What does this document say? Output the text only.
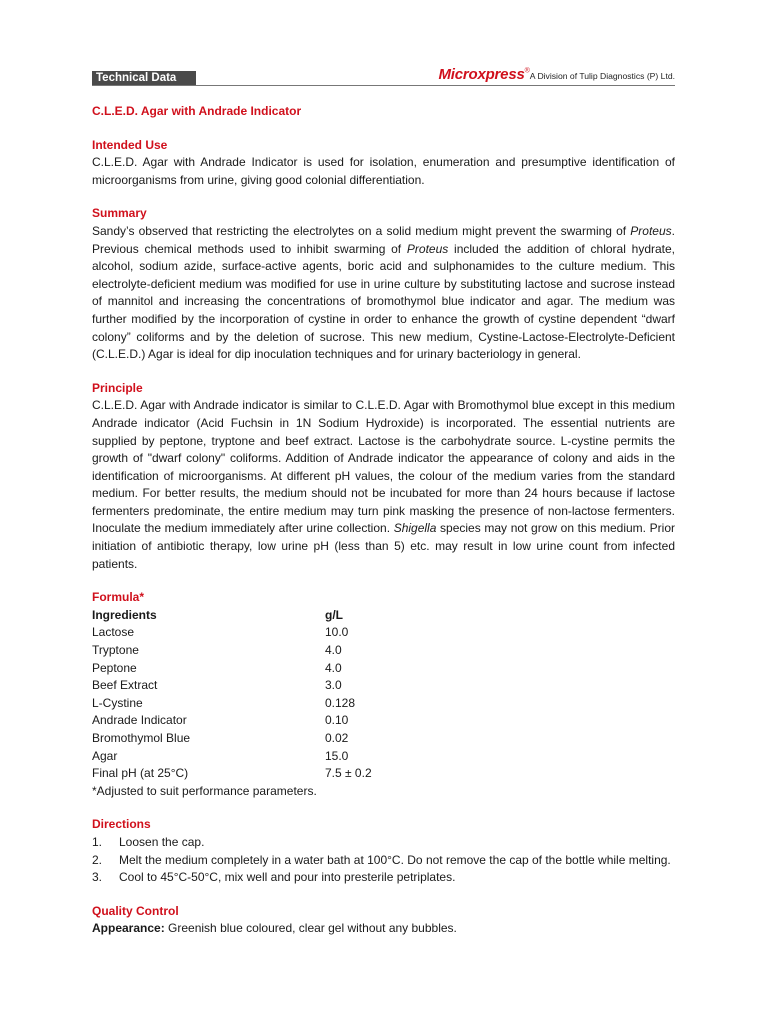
Technical Data	Microxpress®A Division of Tulip Diagnostics (P) Ltd.

C.L.E.D. Agar with Andrade Indicator

Intended Use

C.L.E.D. Agar with Andrade Indicator is used for isolation, enumeration and presumptive identification of microorganisms from urine, giving good colonial differentiation.

Summary

Sandy’s observed that restricting the electrolytes on a solid medium might prevent the swarming of Proteus. Previous chemical methods used to inhibit swarming of Proteus included the addition of chloral hydrate, alcohol, sodium azide, surface-active agents, boric acid and sulphonamides to the culture medium. This electrolyte-deficient medium was modified for use in urine culture by substituting lactose and sucrose instead of mannitol and increasing the concentrations of bromothymol blue indicator and agar. The medium was further modified by the incorporation of cystine in order to enhance the growth of cystine dependent “dwarf colony” coliforms and by the deletion of sucrose. This new medium, Cystine-Lactose-Electrolyte-Deficient (C.L.E.D.) Agar is ideal for dip inoculation techniques and for urinary bacteriology in general.

Principle

C.L.E.D. Agar with Andrade indicator is similar to C.L.E.D. Agar with Bromothymol blue except in this medium Andrade indicator (Acid Fuchsin in 1N Sodium Hydroxide) is incorporated. The essential nutrients are supplied by peptone, tryptone and beef extract. Lactose is the carbohydrate source. L-cystine permits the growth of "dwarf colony" coliforms. Addition of Andrade indicator the appearance of colony and aids in the identification of microorganisms. At different pH values, the colour of the medium varies from the standard medium. For better results, the medium should not be incubated for more than 24 hours because if lactose fermenters predominate, the entire medium may turn pink masking the presence of non-lactose fermenters. Inoculate the medium immediately after urine collection. Shigella species may not grow on this medium. Prior initiation of antibiotic therapy, low urine pH (less than 5) etc. may result in low urine count from infected patients.

Formula*
Ingredients	g/L
Lactose	10.0
Tryptone	4.0
Peptone	4.0
Beef Extract	3.0
L-Cystine	0.128
Andrade Indicator	0.10
Bromothymol Blue	0.02
Agar	15.0
Final pH (at 25°C)	7.5 ± 0.2

*Adjusted to suit performance parameters.

Directions
1.	Loosen the cap.
2.	Melt the medium completely in a water bath at 100°C. Do not remove the cap of the bottle while melting.
3.	Cool to 45°C-50°C, mix well and pour into presterile petriplates.
Quality Control

Appearance: Greenish blue coloured, clear gel without any bubbles.
